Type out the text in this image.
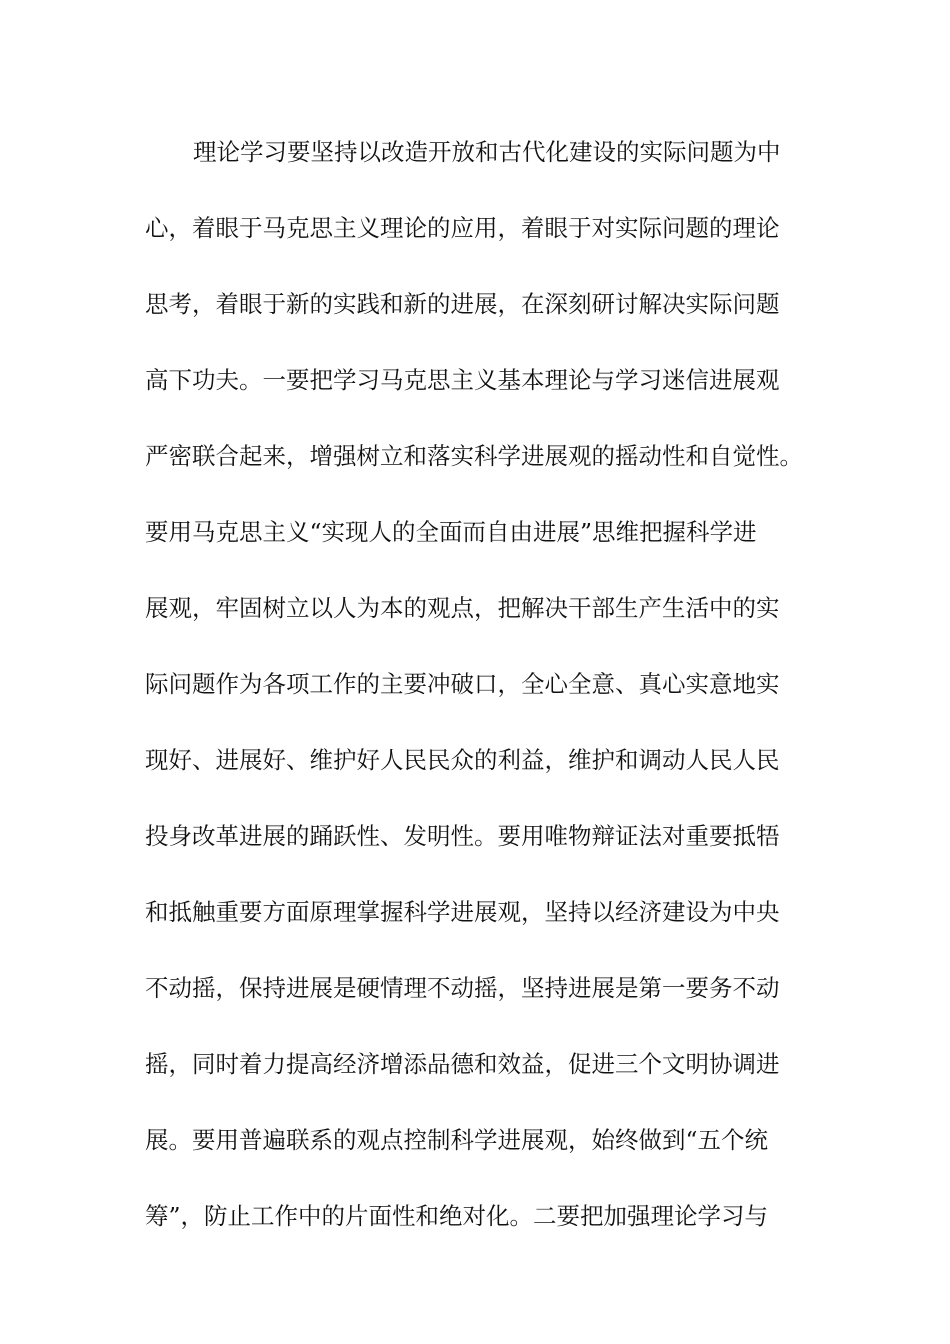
理论学习要坚持以改造开放和古代化建设的实际问题为中
心，着眼于马克思主义理论的应用，着眼于对实际问题的理论
思考，着眼于新的实践和新的进展，在深刻研讨解决实际问题
高下功夫。一要把学习马克思主义基本理论与学习迷信进展观
严密联合起来，增强树立和落实科学进展观的摇动性和自觉性。
要用马克思主义“实现人的全面而自由进展”思维把握科学进
展观，牢固树立以人为本的观点，把解决干部生产生活中的实
际问题作为各项工作的主要冲破口，全心全意、真心实意地实
现好、进展好、维护好人民民众的利益，维护和调动人民人民
投身改革进展的踊跃性、发明性。要用唯物辩证法对重要抵牾
和抵触重要方面原理掌握科学进展观，坚持以经济建设为中央
不动摇，保持进展是硬情理不动摇，坚持进展是第一要务不动
摇，同时着力提高经济增添品德和效益，促进三个文明协调进
展。要用普遍联系的观点控制科学进展观，始终做到“五个统
筹”，防止工作中的片面性和绝对化。二要把加强理论学习与
